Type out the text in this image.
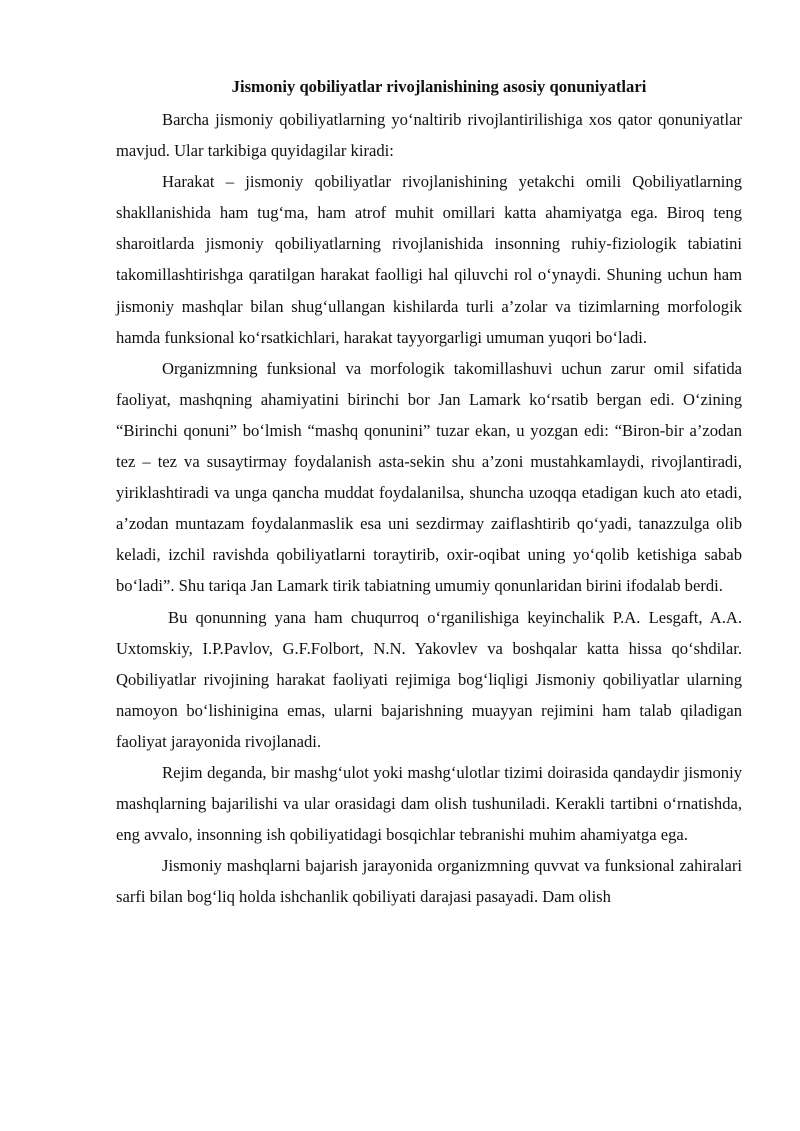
Jismoniy qobiliyatlar rivojlanishining asosiy qonuniyatlari

Barcha jismoniy qobiliyatlarning yo‘naltirib rivojlantirilishiga xos qator qonuniyatlar mavjud. Ular tarkibiga quyidagilar kiradi:

Harakat – jismoniy qobiliyatlar rivojlanishining yetakchi omili Qobiliyatlarning shakllanishida ham tug‘ma, ham atrof muhit omillari katta ahamiyatga ega. Biroq teng sharoitlarda jismoniy qobiliyatlarning rivojlanishida insonning ruhiy-fiziologik tabiatini takomillashtirishga qaratilgan harakat faolligi hal qiluvchi rol o‘ynaydi. Shuning uchun ham jismoniy mashqlar bilan shug‘ullangan kishilarda turli a’zolar va tizimlarning morfologik hamda funksional ko‘rsatkichlari, harakat tayyorgarligi umuman yuqori bo‘ladi.

Organizmning funksional va morfologik takomillashuvi uchun zarur omil sifatida faoliyat, mashqning ahamiyatini birinchi bor Jan Lamark ko‘rsatib bergan edi. O‘zining “Birinchi qonuni” bo‘lmish “mashq qonunini” tuzar ekan, u yozgan edi: “Biron-bir a’zodan tez – tez va susaytirmay foydalanish asta-sekin shu a’zoni mustahkamlaydi, rivojlantiradi, yiriklashtiradi va unga qancha muddat foydalanilsa, shuncha uzoqqa etadigan kuch ato etadi, a’zodan muntazam foydalanmaslik esa uni sezdirmay zaiflashtirib qo‘yadi, tanazzulga olib keladi, izchil ravishda qobiliyatlarni toraytirib, oxir-oqibat uning yo‘qolib ketishiga sabab bo‘ladi”. Shu tariqa Jan Lamark tirik tabiatning umumiy qonunlaridan birini ifodalab berdi.

Bu qonunning yana ham chuqurroq o‘rganilishiga keyinchalik P.A. Lesgaft, A.A. Uxtomskiy, I.P.Pavlov, G.F.Folbort, N.N. Yakovlev va boshqalar katta hissa qo‘shdilar. Qobiliyatlar rivojining harakat faoliyati rejimiga bog‘liqligi Jismoniy qobiliyatlar ularning namoyon bo‘lishinigina emas, ularni bajarishning muayyan rejimini ham talab qiladigan faoliyat jarayonida rivojlanadi.

Rejim deganda, bir mashg‘ulot yoki mashg‘ulotlar tizimi doirasida qandaydir jismoniy mashqlarning bajarilishi va ular orasidagi dam olish tushuniladi. Kerakli tartibni o‘rnatishda, eng avvalo, insonning ish qobiliyatidagi bosqichlar tebranishi muhim ahamiyatga ega.

Jismoniy mashqlarni bajarish jarayonida organizmning quvvat va funksional zahiralari sarfi bilan bog‘liq holda ishchanlik qobiliyati darajasi pasayadi. Dam olish
